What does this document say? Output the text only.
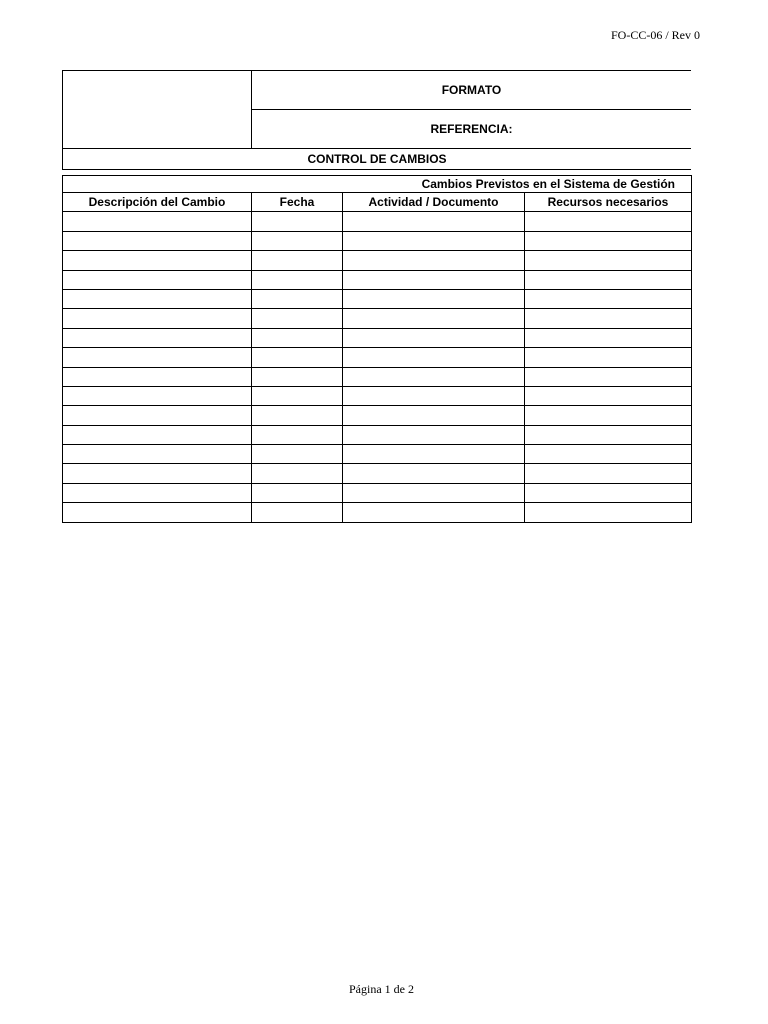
FO-CC-06 / Rev 0
FORMATO
REFERENCIA:
CONTROL DE CAMBIOS
Cambios Previstos en el Sistema de Gestión			
Descripción del Cambio	Fecha	Actividad / Documento	Recursos necesarios

Página 1 de 2
